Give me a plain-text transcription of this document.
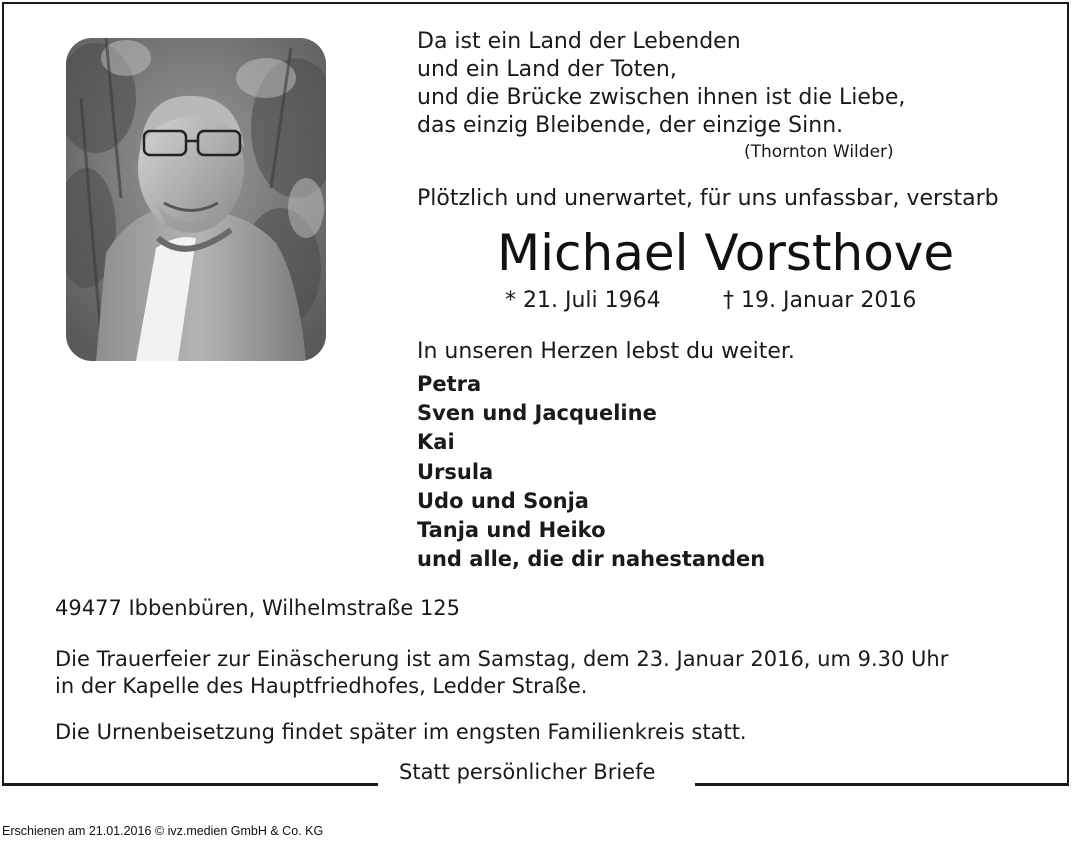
Da ist ein Land der Lebenden
und ein Land der Toten,
und die Brücke zwischen ihnen ist die Liebe,
das einzig Bleibende, der einzige Sinn.
(Thornton Wilder)
Plötzlich und unerwartet, für uns unfassbar, verstarb
Michael Vorsthove
* 21. Juli 1964	† 19. Januar 2016
In unseren Herzen lebst du weiter.
Petra
Sven und Jacqueline
Kai
Ursula
Udo und Sonja
Tanja und Heiko
und alle, die dir nahestanden
49477 Ibbenbüren, Wilhelmstraße 125
Die Trauerfeier zur Einäscherung ist am Samstag, dem 23. Januar 2016, um 9.30 Uhr
in der Kapelle des Hauptfriedhofes, Ledder Straße.
Die Urnenbeisetzung findet später im engsten Familienkreis statt.
Statt persönlicher Briefe
Erschienen am 21.01.2016 © ivz.medien GmbH & Co. KG
